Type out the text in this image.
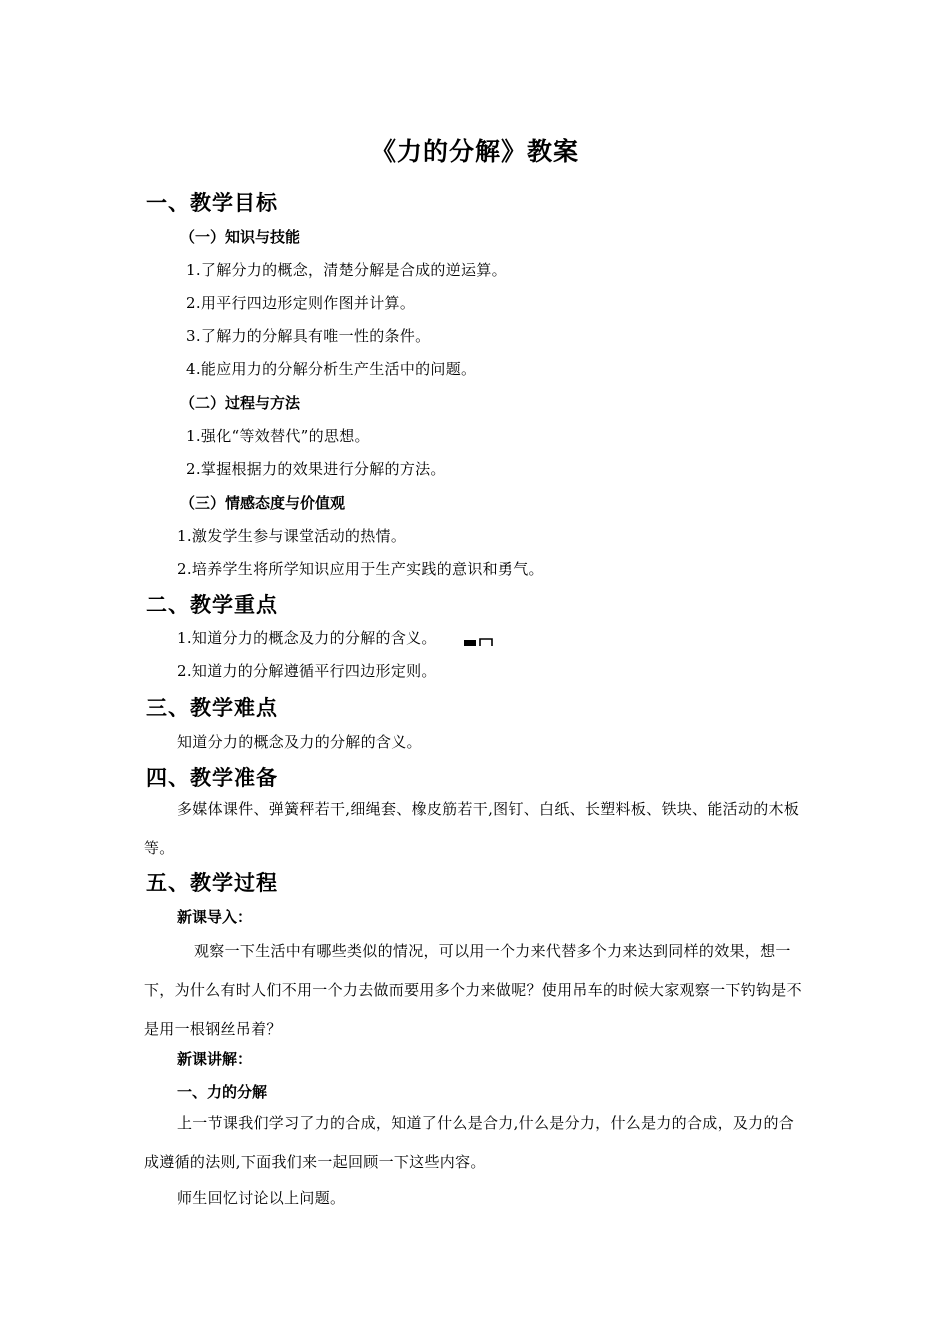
《力的分解》教案
一、教学目标
（一）知识与技能
1.了解分力的概念，清楚分解是合成的逆运算。
2.用平行四边形定则作图并计算。
3.了解力的分解具有唯一性的条件。
4.能应用力的分解分析生产生活中的问题。
（二）过程与方法
1.强化“等效替代”的思想。
2.掌握根据力的效果进行分解的方法。
（三）情感态度与价值观
1.激发学生参与课堂活动的热情。
2.培养学生将所学知识应用于生产实践的意识和勇气。
二、教学重点
1.知道分力的概念及力的分解的含义。
2.知道力的分解遵循平行四边形定则。
三、教学难点
知道分力的概念及力的分解的含义。
四、教学准备
多媒体课件、弹簧秤若干,细绳套、橡皮筋若干,图钉、白纸、长塑料板、铁块、能活动的木板等。
五、教学过程
新课导入：
观察一下生活中有哪些类似的情况，可以用一个力来代替多个力来达到同样的效果，想一下，为什么有时人们不用一个力去做而要用多个力来做呢？使用吊车的时候大家观察一下钓钩是不是用一根钢丝吊着？
新课讲解：
一、力的分解
上一节课我们学习了力的合成，知道了什么是合力,什么是分力，什么是力的合成，及力的合成遵循的法则,下面我们来一起回顾一下这些内容。
师生回忆讨论以上问题。
